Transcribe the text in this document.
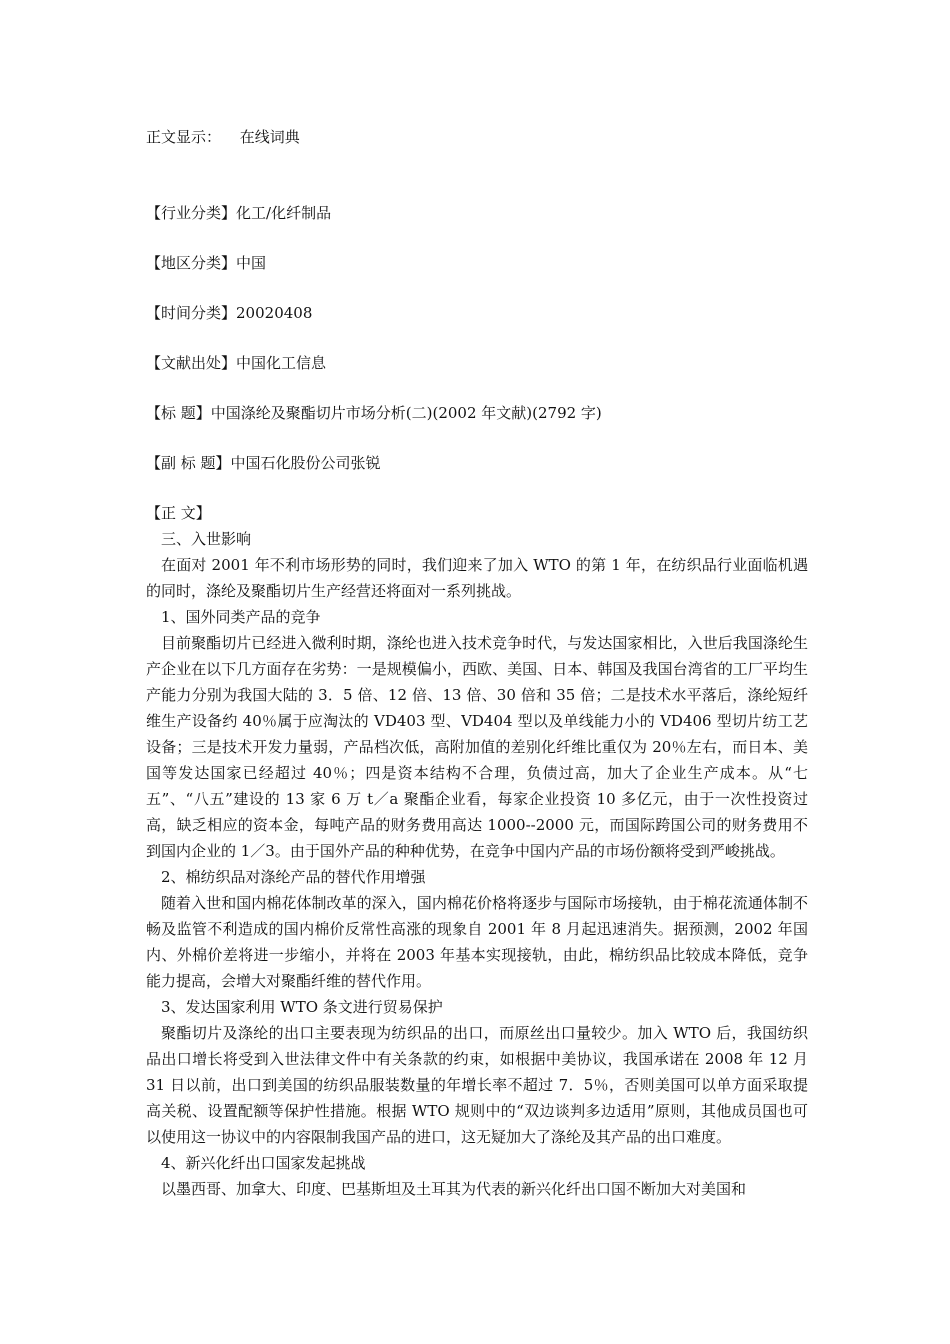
正文显示： 在线词典
【行业分类】化工/化纤制品
【地区分类】中国
【时间分类】20020408
【文献出处】中国化工信息
【标 题】中国涤纶及聚酯切片市场分析(二)(2002 年文献)(2792 字)
【副 标 题】中国石化股份公司张锐
【正 文】

三、入世影响

在面对 2001 年不利市场形势的同时，我们迎来了加入 WTO 的第 1 年，在纺织品行业面临机遇的同时，涤纶及聚酯切片生产经营还将面对一系列挑战。

1、国外同类产品的竞争

目前聚酯切片已经进入微利时期，涤纶也进入技术竞争时代，与发达国家相比，入世后我国涤纶生产企业在以下几方面存在劣势：一是规模偏小，西欧、美国、日本、韩国及我国台湾省的工厂平均生产能力分别为我国大陆的 3．5 倍、12 倍、13 倍、30 倍和 35 倍；二是技术水平落后，涤纶短纤维生产设备约 40％属于应淘汰的 VD403 型、VD404 型以及单线能力小的 VD406 型切片纺工艺设备；三是技术开发力量弱，产品档次低，高附加值的差别化纤维比重仅为 20％左右，而日本、美国等发达国家已经超过 40％；四是资本结构不合理，负债过高，加大了企业生产成本。从“七五”、“八五”建设的 13 家 6 万 t／a 聚酯企业看，每家企业投资 10 多亿元，由于一次性投资过高，缺乏相应的资本金，每吨产品的财务费用高达 1000--2000 元，而国际跨国公司的财务费用不到国内企业的 1／3。由于国外产品的种种优势，在竞争中国内产品的市场份额将受到严峻挑战。

2、棉纺织品对涤纶产品的替代作用增强

随着入世和国内棉花体制改革的深入，国内棉花价格将逐步与国际市场接轨，由于棉花流通体制不畅及监管不利造成的国内棉价反常性高涨的现象自 2001 年 8 月起迅速消失。据预测，2002 年国内、外棉价差将进一步缩小，并将在 2003 年基本实现接轨，由此，棉纺织品比较成本降低，竞争能力提高，会增大对聚酯纤维的替代作用。

3、发达国家利用 WTO 条文进行贸易保护

聚酯切片及涤纶的出口主要表现为纺织品的出口，而原丝出口量较少。加入 WTO 后，我国纺织品出口增长将受到入世法律文件中有关条款的约束，如根据中美协议，我国承诺在 2008 年 12 月 31 日以前，出口到美国的纺织品服装数量的年增长率不超过 7．5％，否则美国可以单方面采取提高关税、设置配额等保护性措施。根据 WTO 规则中的“双边谈判多边适用”原则，其他成员国也可以使用这一协议中的内容限制我国产品的进口，这无疑加大了涤纶及其产品的出口难度。

4、新兴化纤出口国家发起挑战

以墨西哥、加拿大、印度、巴基斯坦及土耳其为代表的新兴化纤出口国不断加大对美国和
